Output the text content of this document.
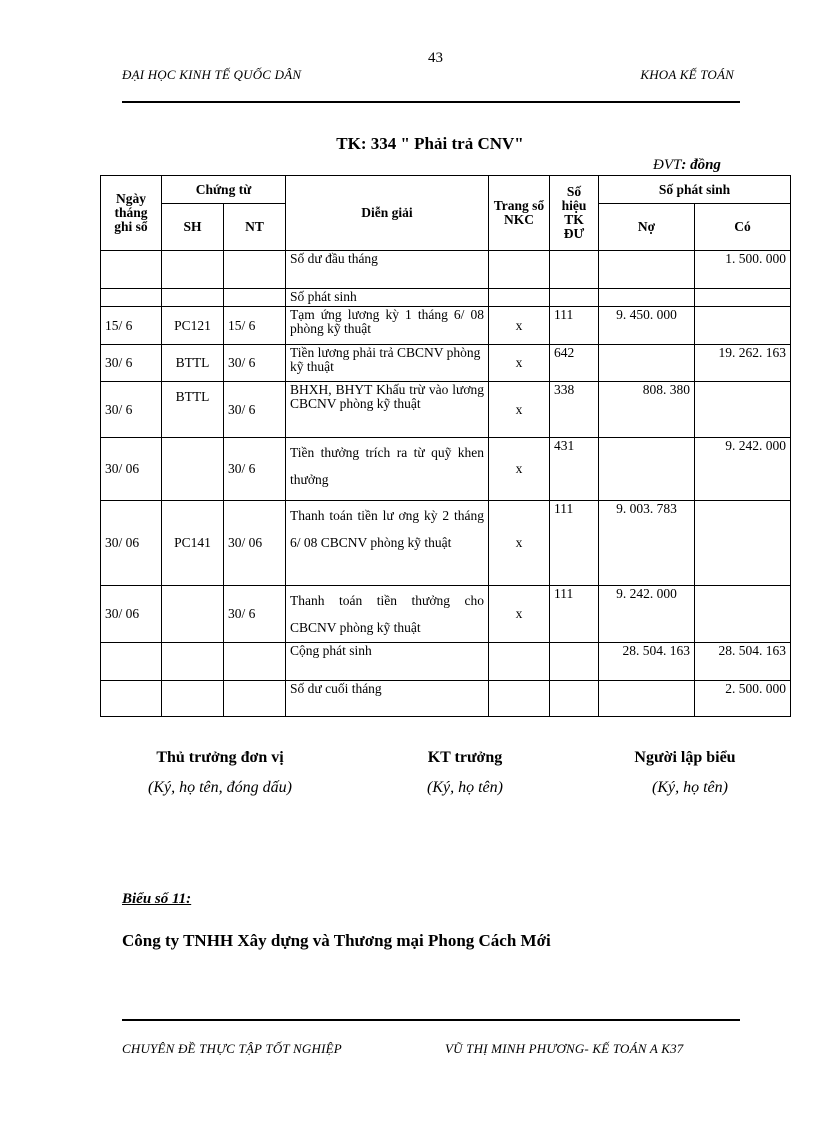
43
ĐẠI HỌC KINH TẾ QUỐC DÂN	KHOA KẾ TOÁN
TK: 334 " Phải trả CNV"
ĐVT: đồng
Ngày tháng ghi sổ	Chứng từ		Diễn giải	Trang sổ NKC	Số hiệu TK ĐƯ	Số phát sinh	
	SH	NT				Nợ	Có
			Số dư đầu tháng				1. 500. 000
			Số phát sinh				
15/ 6	PC121	15/ 6	Tạm ứng lương kỳ 1 tháng 6/ 08 phòng kỹ thuật	x	111	9. 450. 000	
30/ 6	BTTL	30/ 6	Tiền lương phải trả CBCNV phòng kỹ thuật	x	642		19. 262. 163
30/ 6	BTTL	30/ 6	BHXH, BHYT Khấu trừ vào lương CBCNV phòng kỹ thuật	x	338	808. 380	
30/ 06		30/ 6	Tiền thưởng trích ra từ quỹ khen thưởng	x	431		9. 242. 000
30/ 06	PC141	30/ 06	Thanh toán tiền lư ơng kỳ 2 tháng 6/ 08 CBCNV phòng kỹ thuật	x	111	9. 003. 783	
30/ 06		30/ 6	Thanh toán tiền thưởng cho CBCNV phòng kỹ thuật	x	111	9. 242. 000	
			Cộng phát sinh			28. 504. 163	28. 504. 163
			Số dư cuối tháng				2. 500. 000
Thủ trưởng đơn vị
(Ký, họ tên, đóng dấu)
KT trưởng
(Ký, họ tên)
Người lập biểu
(Ký, họ tên)
Biểu số 11:
Công ty TNHH Xây dựng và Thương mại Phong Cách Mới
CHUYÊN ĐỀ THỰC TẬP TỐT NGHIỆP	VŨ THỊ MINH PHƯƠNG- KẾ TOÁN A K37
